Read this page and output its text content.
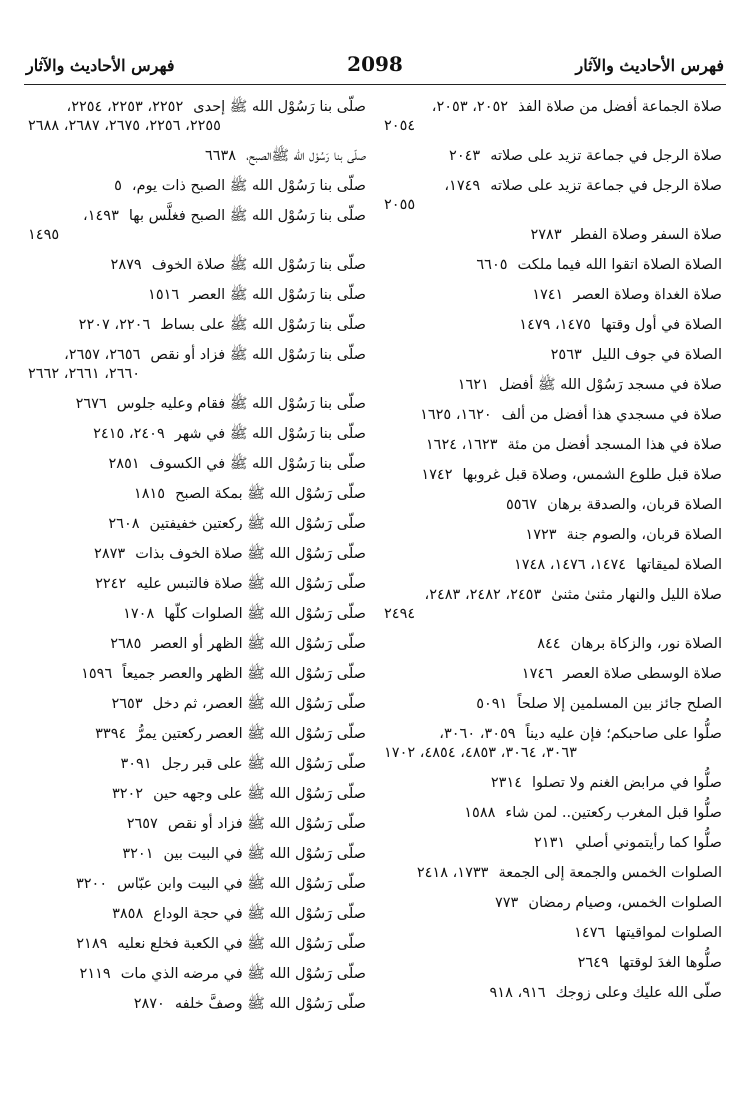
فهرس الأحاديث والآثار
2098
فهرس الأحاديث والآثار
صلاة الجماعة أفضل من صلاة الفذ٢٠٥٢، ٢٠٥٣،
٢٠٥٤
صلاة الرجل في جماعة تزيد على صلاته٢٠٤٣
صلاة الرجل في جماعة تزيد على صلاته١٧٤٩،
٢٠٥٥
صلاة السفر وصلاة الفطر٢٧٨٣
الصلاة الصلاة اتقوا الله فيما ملكت٦٦٠٥
صلاة الغداة وصلاة العصر١٧٤١
الصلاة في أول وقتها١٤٧٥، ١٤٧٩
الصلاة في جوف الليل٢٥٦٣
صلاة في مسجد رَسُوْل الله ﷺ أفضل١٦٢١
صلاة في مسجدي هذا أفضل من ألف١٦٢٠، ١٦٢٥
صلاة في هذا المسجد أفضل من مئة١٦٢٣، ١٦٢٤
صلاة قبل طلوع الشمس، وصلاة قبل غروبها١٧٤٢
الصلاة قربان، والصدقة برهان٥٥٦٧
الصلاة قربان، والصوم جنة١٧٢٣
الصلاة لميقاتها١٤٧٤، ١٤٧٦، ١٧٤٨
صلاة الليل والنهار مثنىٰ مثنىٰ٢٤٥٣، ٢٤٨٢، ٢٤٨٣،
٢٤٩٤
الصلاة نور، والزكاة برهان٨٤٤
صلاة الوسطى صلاة العصر١٧٤٦
الصلح جائز بين المسلمين إلا صلحاً٥٠٩١
صلُّوا على صاحبكم؛ فإن عليه ديناً٣٠٥٩، ٣٠٦٠،
٣٠٦٣، ٣٠٦٤، ٤٨٥٣، ٤٨٥٤، ١٧٠٢
صلُّوا في مرابض الغنم ولا تصلوا٢٣١٤
صلُّوا قبل المغرب ركعتين.. لمن شاء١٥٨٨
صلُّوا كما رأيتموني أصلي٢١٣١
الصلوات الخمس والجمعة إلى الجمعة١٧٣٣، ٢٤١٨
الصلوات الخمس، وصيام رمضان٧٧٣
الصلوات لمواقيتها١٤٧٦
صلُّوها الغدَ لوقتها٢٦٤٩
صلّى الله عليك وعلى زوجك٩١٦، ٩١٨
صلّى بنا رَسُوْل الله ﷺ إحدى٢٢٥٢، ٢٢٥٣، ٢٢٥٤،
٢٢٥٥، ٢٢٥٦، ٢٦٧٥، ٢٦٨٧، ٢٦٨٨
صلّى بنا رَسُوْل الله ﷺالصبح،٦٦٣٨
صلّى بنا رَسُوْل الله ﷺ الصبح ذات يوم،٥
صلّى بنا رَسُوْل الله ﷺ الصبح فغلَّس بها١٤٩٣،
١٤٩٥
صلّى بنا رَسُوْل الله ﷺ صلاة الخوف٢٨٧٩
صلّى بنا رَسُوْل الله ﷺ العصر١٥١٦
صلّى بنا رَسُوْل الله ﷺ على بساط٢٢٠٦، ٢٢٠٧
صلّى بنا رَسُوْل الله ﷺ فزاد أو نقص٢٦٥٦، ٢٦٥٧،
٢٦٦٠، ٢٦٦١، ٢٦٦٢
صلّى بنا رَسُوْل الله ﷺ فقام وعليه جلوس٢٦٧٦
صلّى بنا رَسُوْل الله ﷺ في شهر٢٤٠٩، ٢٤١٥
صلّى بنا رَسُوْل الله ﷺ في الكسوف٢٨٥١
صلّى رَسُوْل الله ﷺ بمكة الصبح١٨١٥
صلّى رَسُوْل الله ﷺ ركعتين خفيفتين٢٦٠٨
صلّى رَسُوْل الله ﷺ صلاة الخوف بذات٢٨٧٣
صلّى رَسُوْل الله ﷺ صلاة فالتبس عليه٢٢٤٢
صلّى رَسُوْل الله ﷺ الصلوات كلّها١٧٠٨
صلّى رَسُوْل الله ﷺ الظهر أو العصر٢٦٨٥
صلّى رَسُوْل الله ﷺ الظهر والعصر جميعاً١٥٩٦
صلّى رَسُوْل الله ﷺ العصر، ثم دخل٢٦٥٣
صلّى رَسُوْل الله ﷺ العصر ركعتين يمرُّ٣٣٩٤
صلّى رَسُوْل الله ﷺ على قبر رجل٣٠٩١
صلّى رَسُوْل الله ﷺ على وجهه حين٣٢٠٢
صلّى رَسُوْل الله ﷺ فزاد أو نقص٢٦٥٧
صلّى رَسُوْل الله ﷺ في البيت بين٣٢٠١
صلّى رَسُوْل الله ﷺ في البيت وابن عبّاس٣٢٠٠
صلّى رَسُوْل الله ﷺ في حجة الوداع٣٨٥٨
صلّى رَسُوْل الله ﷺ في الكعبة فخلع نعليه٢١٨٩
صلّى رَسُوْل الله ﷺ في مرضه الذي مات٢١١٩
صلّى رَسُوْل الله ﷺ وصفَّ خلفه٢٨٧٠
